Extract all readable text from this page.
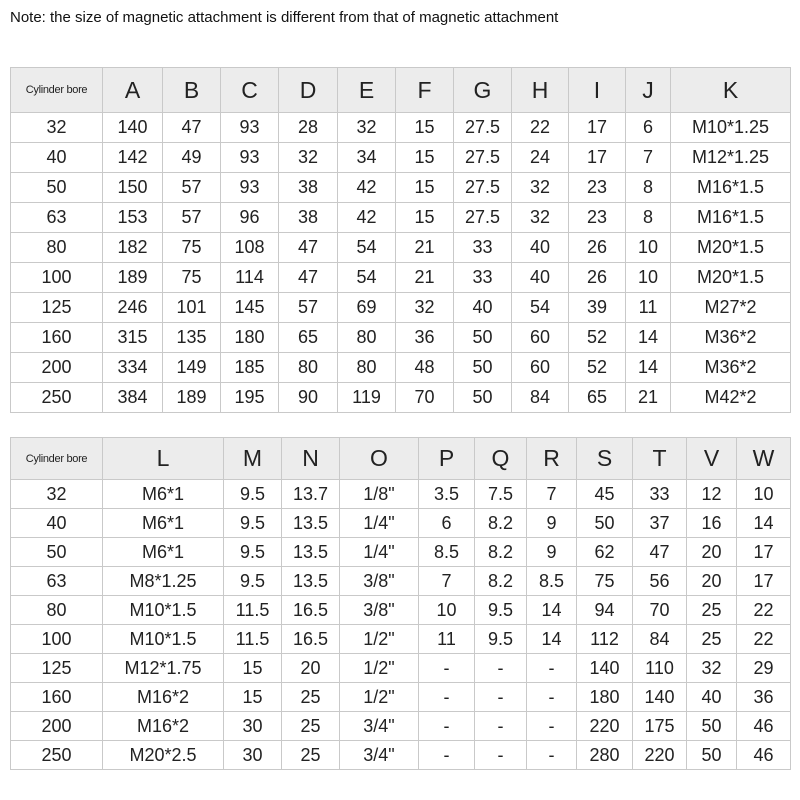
Note: the size of magnetic attachment is different from that of magnetic attachment
Cylinder bore	A	B	C	D	E	F	G	H	I	J	K
32	140	47	93	28	32	15	27.5	22	17	6	M10*1.25
40	142	49	93	32	34	15	27.5	24	17	7	M12*1.25
50	150	57	93	38	42	15	27.5	32	23	8	M16*1.5
63	153	57	96	38	42	15	27.5	32	23	8	M16*1.5
80	182	75	108	47	54	21	33	40	26	10	M20*1.5
100	189	75	114	47	54	21	33	40	26	10	M20*1.5
125	246	101	145	57	69	32	40	54	39	11	M27*2
160	315	135	180	65	80	36	50	60	52	14	M36*2
200	334	149	185	80	80	48	50	60	52	14	M36*2
250	384	189	195	90	119	70	50	84	65	21	M42*2
Cylinder bore	L	M	N	O	P	Q	R	S	T	V	W
32	M6*1	9.5	13.7	1/8"	3.5	7.5	7	45	33	12	10
40	M6*1	9.5	13.5	1/4"	6	8.2	9	50	37	16	14
50	M6*1	9.5	13.5	1/4"	8.5	8.2	9	62	47	20	17
63	M8*1.25	9.5	13.5	3/8"	7	8.2	8.5	75	56	20	17
80	M10*1.5	11.5	16.5	3/8"	10	9.5	14	94	70	25	22
100	M10*1.5	11.5	16.5	1/2"	11	9.5	14	112	84	25	22
125	M12*1.75	15	20	1/2"	-	-	-	140	110	32	29
160	M16*2	15	25	1/2"	-	-	-	180	140	40	36
200	M16*2	30	25	3/4"	-	-	-	220	175	50	46
250	M20*2.5	30	25	3/4"	-	-	-	280	220	50	46
